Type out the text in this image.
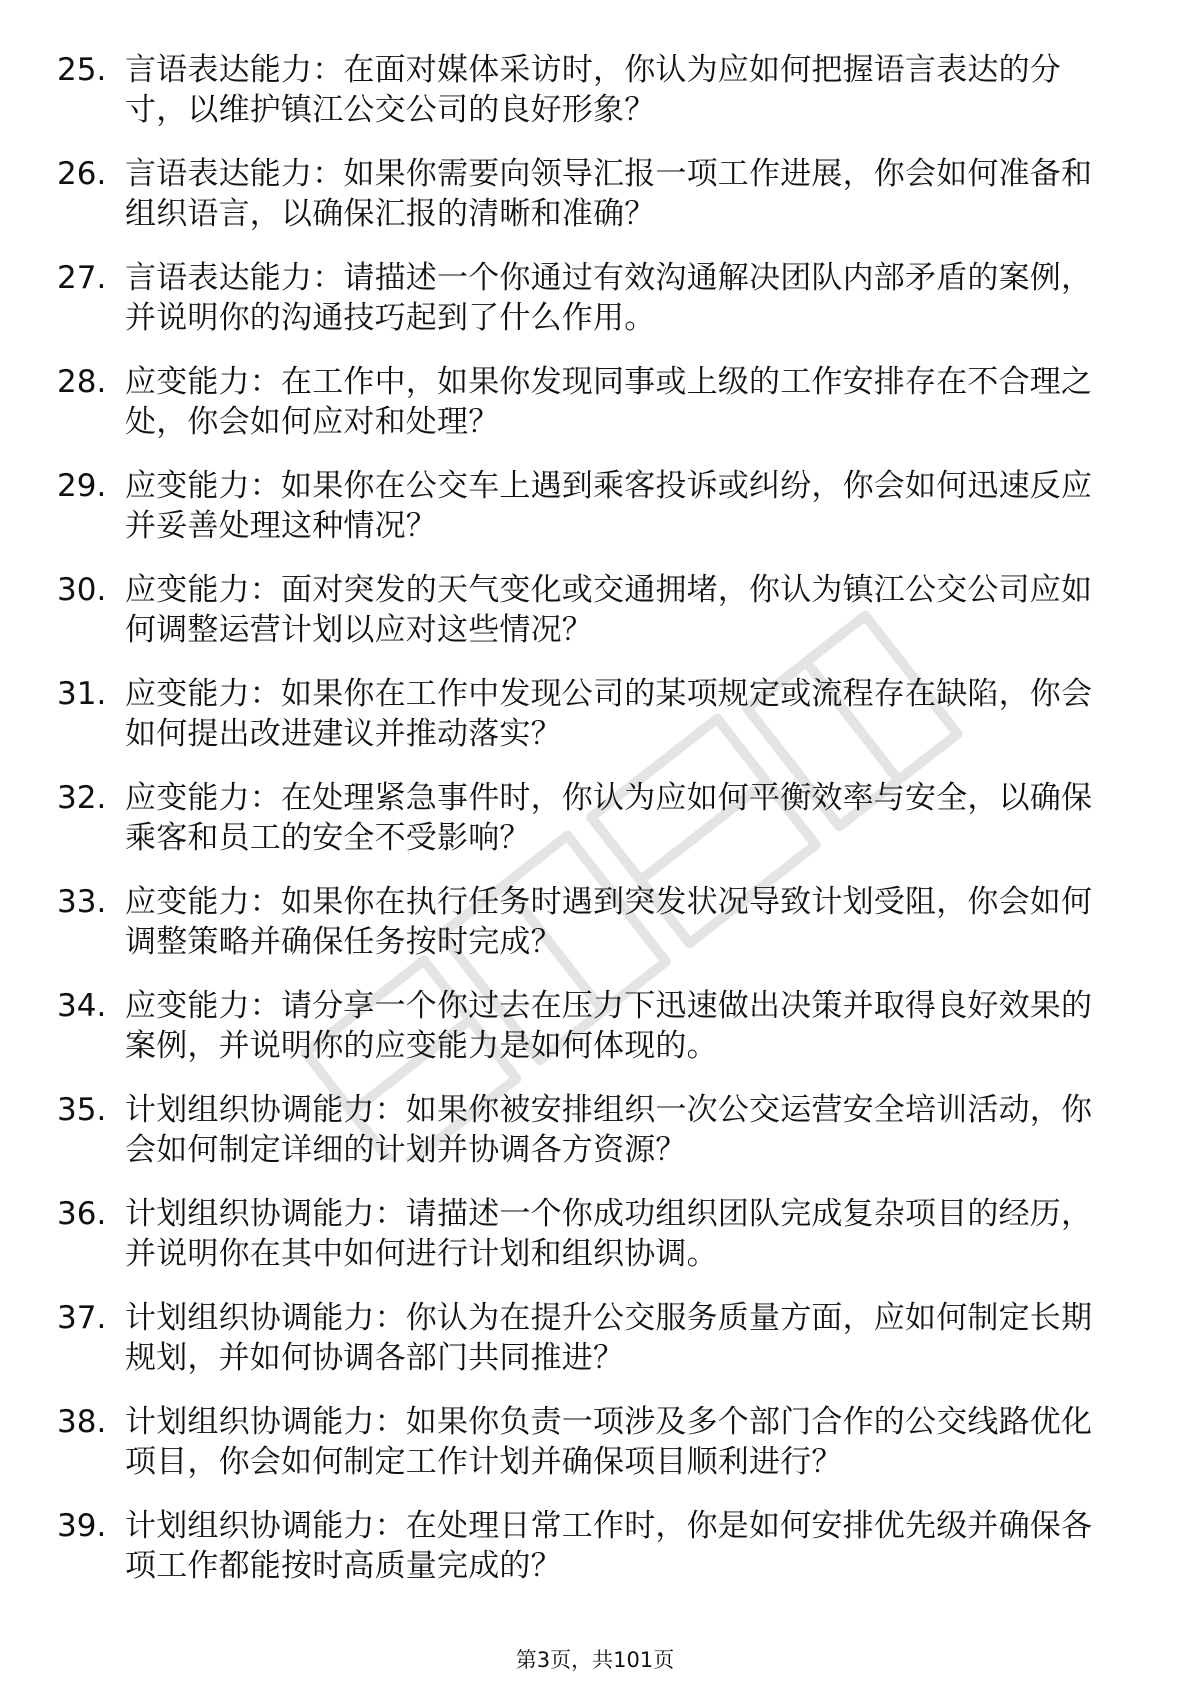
25. 言语表达能力：在面对媒体采访时，你认为应如何把握语言表达的分寸，以维护镇江公交公司的良好形象？
26. 言语表达能力：如果你需要向领导汇报一项工作进展，你会如何准备和组织语言，以确保汇报的清晰和准确？
27. 言语表达能力：请描述一个你通过有效沟通解决团队内部矛盾的案例，并说明你的沟通技巧起到了什么作用。
28. 应变能力：在工作中，如果你发现同事或上级的工作安排存在不合理之处，你会如何应对和处理？
29. 应变能力：如果你在公交车上遇到乘客投诉或纠纷，你会如何迅速反应并妥善处理这种情况？
30. 应变能力：面对突发的天气变化或交通拥堵，你认为镇江公交公司应如何调整运营计划以应对这些情况？
31. 应变能力：如果你在工作中发现公司的某项规定或流程存在缺陷，你会如何提出改进建议并推动落实？
32. 应变能力：在处理紧急事件时，你认为应如何平衡效率与安全，以确保乘客和员工的安全不受影响？
33. 应变能力：如果你在执行任务时遇到突发状况导致计划受阻，你会如何调整策略并确保任务按时完成？
34. 应变能力：请分享一个你过去在压力下迅速做出决策并取得良好效果的案例，并说明你的应变能力是如何体现的。
35. 计划组织协调能力：如果你被安排组织一次公交运营安全培训活动，你会如何制定详细的计划并协调各方资源？
36. 计划组织协调能力：请描述一个你成功组织团队完成复杂项目的经历，并说明你在其中如何进行计划和组织协调。
37. 计划组织协调能力：你认为在提升公交服务质量方面，应如何制定长期规划，并如何协调各部门共同推进？
38. 计划组织协调能力：如果你负责一项涉及多个部门合作的公交线路优化项目，你会如何制定工作计划并确保项目顺利进行？
39. 计划组织协调能力：在处理日常工作时，你是如何安排优先级并确保各项工作都能按时高质量完成的？
第3页，共101页
